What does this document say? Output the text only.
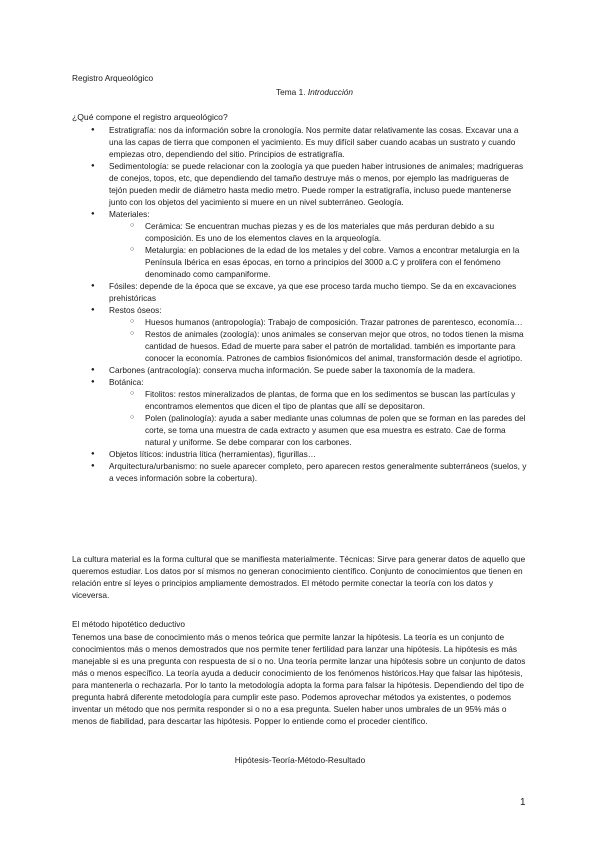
Registro Arqueológico
Tema 1. Introducción
¿Qué compone el registro arqueológico?
● Estratigrafía: nos da información sobre la cronología. Nos permite datar relativamente las cosas. Excavar una a una las capas de tierra que componen el yacimiento. Es muy difícil saber cuando acabas un sustrato y cuando empiezas otro, dependiendo del sitio. Principios de estratigrafía.
● Sedimentología: se puede relacionar con la zoología ya que pueden haber intrusiones de animales; madrigueras de conejos, topos, etc, que dependiendo del tamaño destruye más o menos, por ejemplo las madrigueras de tejón pueden medir de diámetro hasta medio metro. Puede romper la estratigrafía, incluso puede mantenerse junto con los objetos del yacimiento si muere en un nivel subterráneo. Geología.
● Materiales:
○ Cerámica: Se encuentran muchas piezas y es de los materiales que más perduran debido a su composición. Es uno de los elementos claves en la arqueología.
○ Metalurgia: en poblaciones de la edad de los metales y del cobre. Vamos a encontrar metalurgia en la Península Ibérica en esas épocas, en torno a principios del 3000 a.C y prolifera con el fenómeno denominado como campaniforme.
● Fósiles: depende de la época que se excave, ya que ese proceso tarda mucho tiempo. Se da en excavaciones prehistóricas
● Restos óseos:
○ Huesos humanos (antropología): Trabajo de composición. Trazar patrones de parentesco, economía…
○ Restos de animales (zoología): unos animales se conservan mejor que otros, no todos tienen la misma cantidad de huesos. Edad de muerte para saber el patrón de mortalidad. también es importante para conocer la economía. Patrones de cambios fisionómicos del animal, transformación desde el agriotipo.
● Carbones (antracología): conserva mucha información. Se puede saber la taxonomía de la madera.
● Botánica:
○ Fitolitos: restos mineralizados de plantas, de forma que en los sedimentos se buscan las partículas y encontramos elementos que dicen el tipo de plantas que allí se depositaron.
○ Polen (palinología): ayuda a saber mediante unas columnas de polen que se forman en las paredes del corte, se toma una muestra de cada extracto y asumen que esa muestra es estrato. Cae de forma natural y uniforme. Se debe comparar con los carbones.
● Objetos líticos: industria lítica (herramientas), figurillas…
● Arquitectura/urbanismo: no suele aparecer completo, pero aparecen restos generalmente subterráneos (suelos, y a veces información sobre la cobertura).
La cultura material es la forma cultural que se manifiesta materialmente. Técnicas: Sirve para generar datos de aquello que queremos estudiar. Los datos por sí mismos no generan conocimiento científico. Conjunto de conocimientos que tienen en relación entre sí leyes o principios ampliamente demostrados. El método permite conectar la teoría con los datos y viceversa.
El método hipotético deductivo
Tenemos una base de conocimiento más o menos teórica que permite lanzar la hipótesis. La teoría es un conjunto de conocimientos más o menos demostrados que nos permite tener fertilidad para lanzar una hipótesis. La hipótesis es más manejable si es una pregunta con respuesta de si o no. Una teoría permite lanzar una hipótesis sobre un conjunto de datos más o menos específico. La teoría ayuda a deducir conocimiento de los fenómenos históricos.Hay que falsar las hipótesis, para mantenerla o rechazarla. Por lo tanto la metodología adopta la forma para falsar la hipótesis. Dependiendo del tipo de pregunta habrá diferente metodología para cumplir este paso. Podemos aprovechar métodos ya existentes, o podemos inventar un método que nos permita responder si o no a esa pregunta. Suelen haber unos umbrales de un 95% más o menos de fiabilidad, para descartar las hipótesis. Popper lo entiende como el proceder científico.
Hipótesis-Teoría-Método-Resultado
1
